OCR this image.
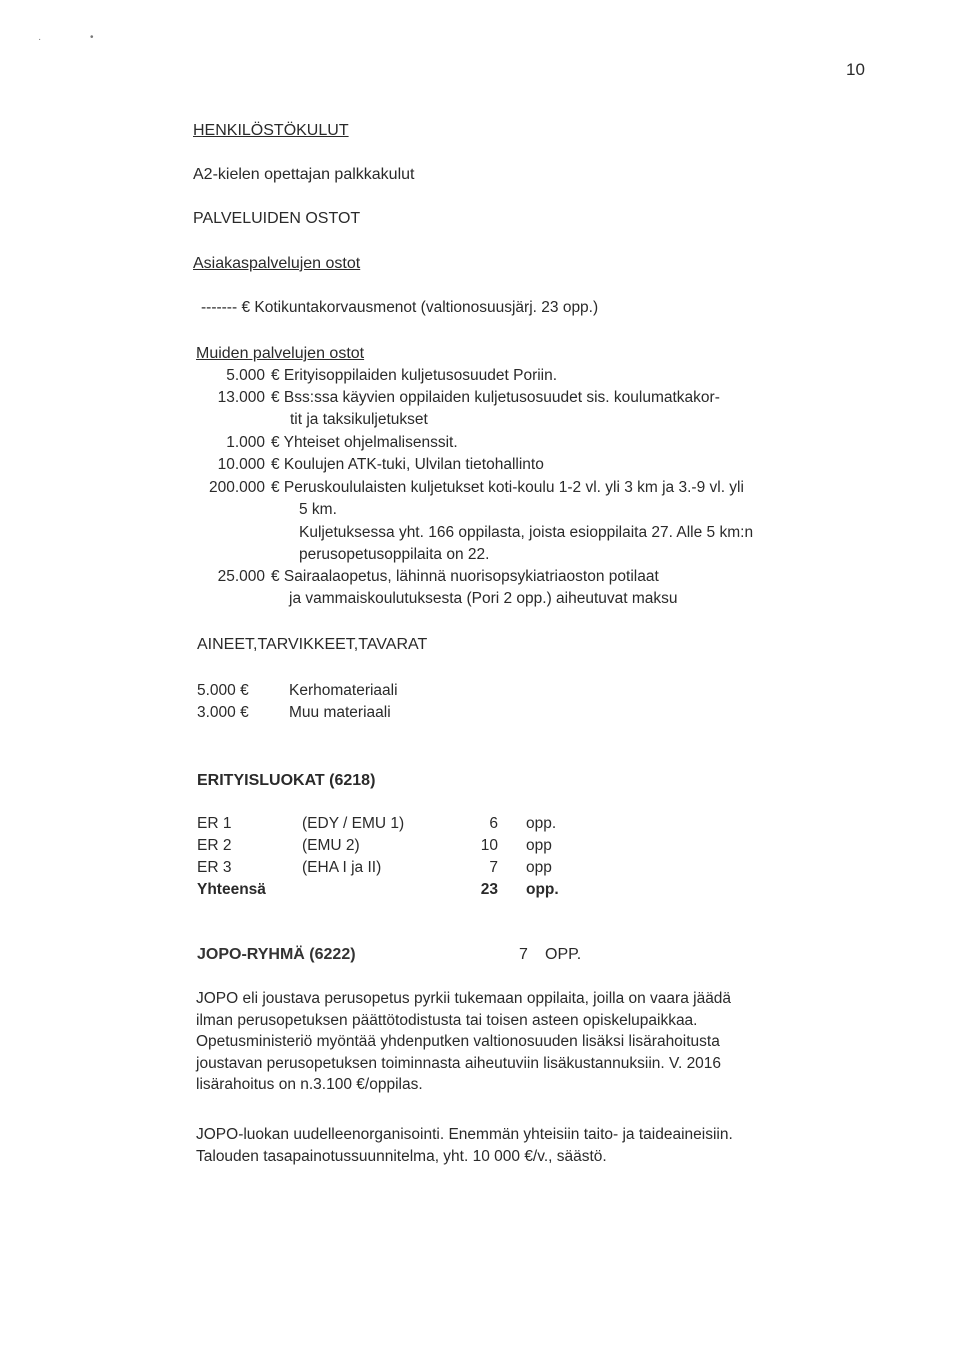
·	•
10
HENKILÖSTÖKULUT
A2-kielen opettajan palkkakulut
PALVELUIDEN OSTOT
Asiakaspalvelujen ostot
------- € Kotikuntakorvausmenot (valtionosuusjärj. 23 opp.)
Muiden palvelujen ostot
5.000 € Erityisoppilaiden kuljetusosuudet Poriin.
13.000 € Bss:ssa käyvien oppilaiden kuljetusosuudet sis. koulumatkakor-
tit ja taksikuljetukset
1.000 € Yhteiset ohjelmalisenssit.
10.000 € Koulujen ATK-tuki, Ulvilan tietohallinto
200.000 € Peruskoululaisten kuljetukset koti-koulu 1-2 vl. yli 3 km ja 3.-9 vl. yli
5 km.
Kuljetuksessa yht. 166 oppilasta, joista esioppilaita 27. Alle 5 km:n
perusopetusoppilaita on 22.
25.000 € Sairaalaopetus, lähinnä nuorisopsykiatriaoston potilaat
ja vammaiskoulutuksesta (Pori 2 opp.) aiheutuvat maksu
AINEET,TARVIKKEET,TAVARAT
5.000 €	Kerhomateriaali
3.000 €	Muu materiaali
ERITYISLUOKAT (6218)
ER 1	(EDY / EMU 1)	6 opp.
ER 2	(EMU 2)	10 opp
ER 3	(EHA I ja II)	7 opp
Yhteensä	23 opp.
JOPO-RYHMÄ (6222)	7 OPP.
JOPO eli joustava perusopetus pyrkii tukemaan oppilaita, joilla on vaara jäädä
ilman perusopetuksen päättötodistusta tai toisen asteen opiskelupaikkaa.
Opetusministeriö myöntää yhdenputken valtionosuuden lisäksi lisärahoitusta
joustavan perusopetuksen toiminnasta aiheutuviin lisäkustannuksiin. V. 2016
lisärahoitus on n.3.100 €/oppilas.
JOPO-luokan uudelleenorganisointi. Enemmän yhteisiin taito- ja taideaineisiin.
Talouden tasapainotussuunnitelma, yht. 10 000 €/v., säästö.
